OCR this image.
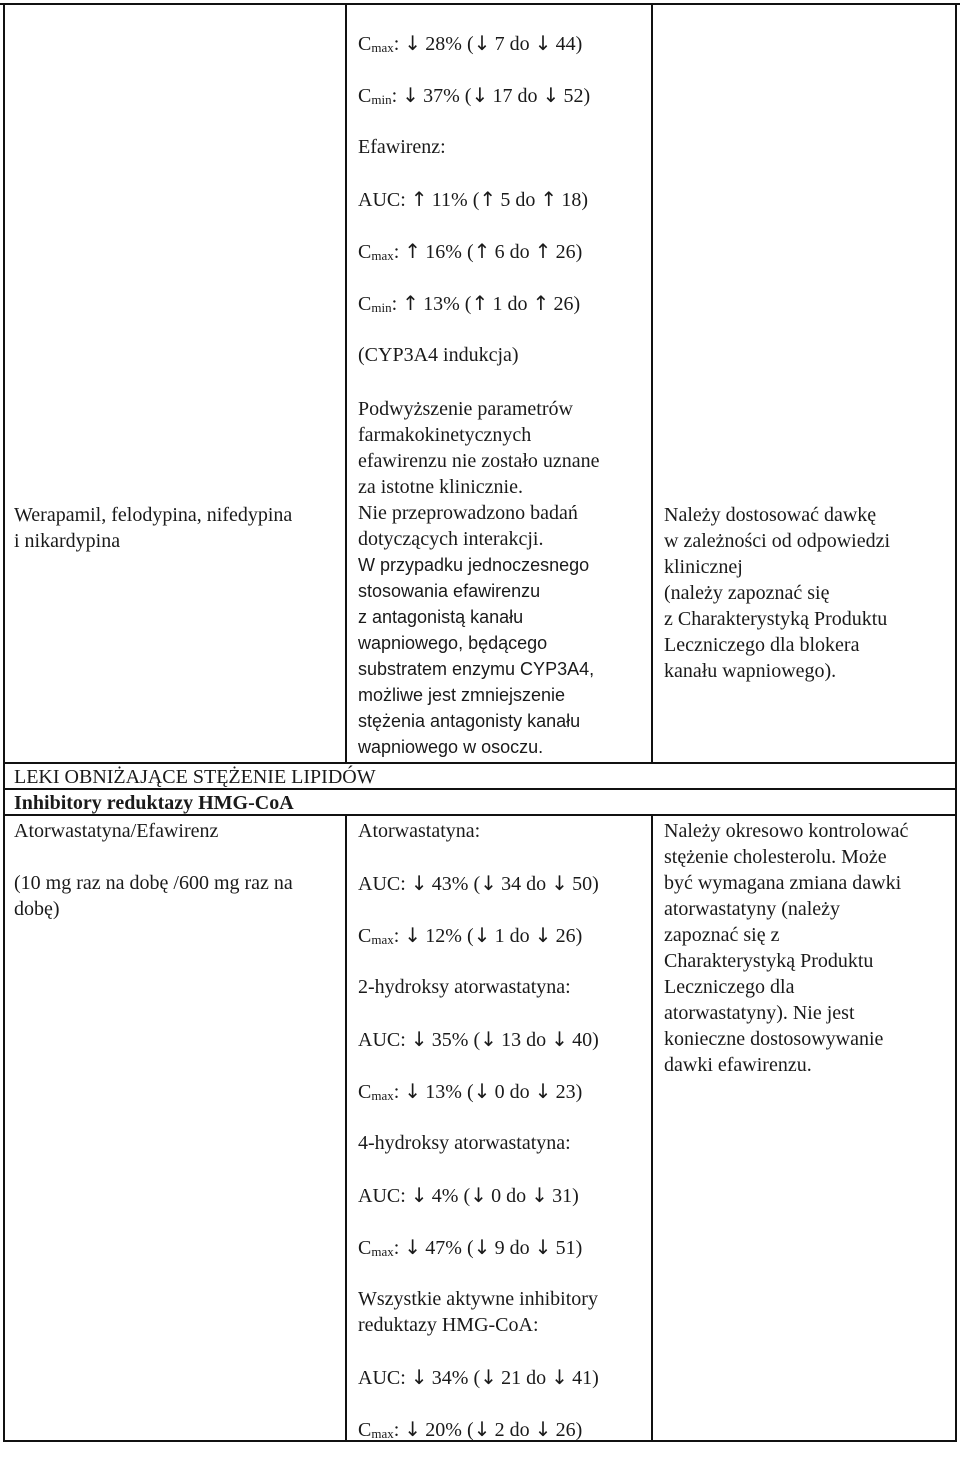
Cmax: ↓ 28% (↓ 7 do ↓ 44)

Cmin: ↓ 37% (↓ 17 do ↓ 52)

Efawirenz:

AUC: ↑ 11% (↑ 5 do ↑ 18)

Cmax: ↑ 16% (↑ 6 do ↑ 26)

Cmin: ↑ 13% (↑ 1 do ↑ 26)

(CYP3A4 indukcja)

Werapamil, felodypina, nifedypina

i nikardypina

Podwyższenie parametrów

farmakokinetycznych

efawirenzu nie zostało uznane

za istotne klinicznie.

Nie przeprowadzono badań

dotyczących interakcji.

W przypadku jednoczesnego

stosowania efawirenzu

z antagonistą kanału

wapniowego, będącego

substratem enzymu CYP3A4,

możliwe jest zmniejszenie

stężenia antagonisty kanału

wapniowego w osoczu.

Należy dostosować dawkę

w zależności od odpowiedzi

klinicznej

(należy zapoznać się

z Charakterystyką Produktu

Leczniczego dla blokera

kanału wapniowego).

LEKI OBNIŻAJĄCE STĘŻENIE LIPIDÓW

Inhibitory reduktazy HMG-CoA

Atorwastatyna/Efawirenz

(10 mg raz na dobę /600 mg raz na

dobę)

Atorwastatyna:

AUC: ↓ 43% (↓ 34 do ↓ 50)

Cmax: ↓ 12% (↓ 1 do ↓ 26)

2-hydroksy atorwastatyna:

AUC: ↓ 35% (↓ 13 do ↓ 40)

Cmax: ↓ 13% (↓ 0 do ↓ 23)

4-hydroksy atorwastatyna:

AUC: ↓ 4% (↓ 0 do ↓ 31)

Cmax: ↓ 47% (↓ 9 do ↓ 51)

Wszystkie aktywne inhibitory
reduktazy HMG-CoA:

AUC: ↓ 34% (↓ 21 do ↓ 41)

Cmax: ↓ 20% (↓ 2 do ↓ 26)

Należy okresowo kontrolować

stężenie cholesterolu. Może

być wymagana zmiana dawki

atorwastatyny (należy

zapoznać się z

Charakterystyką Produktu

Leczniczego dla

atorwastatyny). Nie jest

konieczne dostosowywanie

dawki efawirenzu.
